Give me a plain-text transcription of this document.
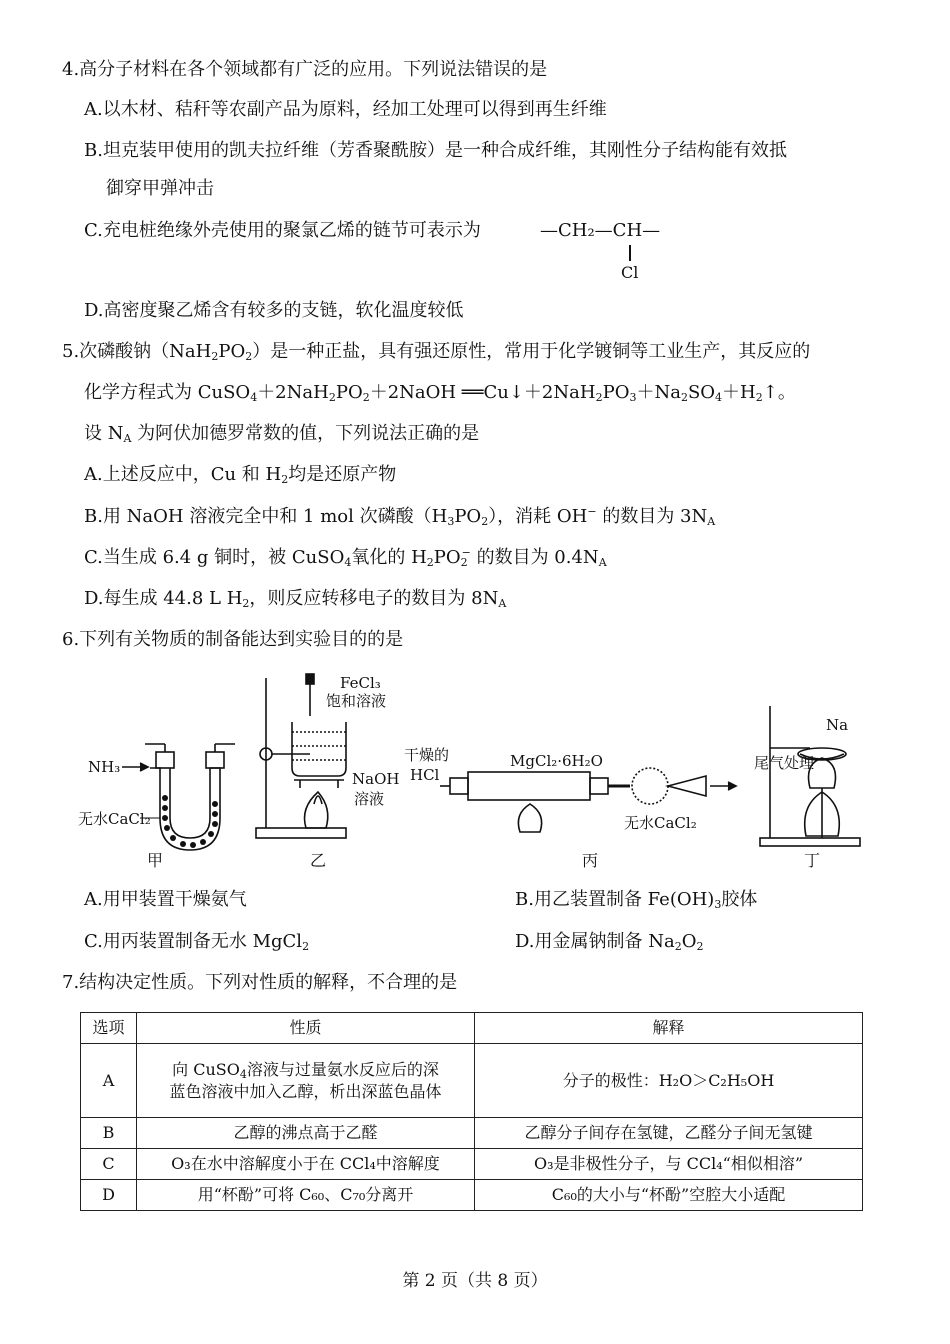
4.高分子材料在各个领域都有广泛的应用。下列说法错误的是
A.以木材、秸秆等农副产品为原料，经加工处理可以得到再生纤维
B.坦克装甲使用的凯夫拉纤维（芳香聚酰胺）是一种合成纤维，其刚性分子结构能有效抵
御穿甲弹冲击
C.充电桩绝缘外壳使用的聚氯乙烯的链节可表示为	—CH₂—CH—
Cl
D.高密度聚乙烯含有较多的支链，软化温度较低
5.次磷酸钠$(NaH_2PO_2)$是一种正盐，具有强还原性，常用于化学镀铜等工业生产，其反应的
化学方程式为 $CuSO_4+2NaH_2PO_2+2NaOH$ $══Cu↓+2NaH_2PO_3+Na_2SO_4+H_2↑$。
设 $N_A$ 为阿伏加德罗常数的值，下列说法正确的是
A.上述反应中，Cu 和 $H_2$均是还原产物
B.用 NaOH 溶液完全中和 1 mol 次磷酸$(H_3PO_2)$，消耗 OH− 的数目为 $3N_A$
C.当生成 6.4 g 铜时，被 CuSO$_4$氧化的 $H_2PO_2^-$ 的数目为 $0.4N_A$
D.每生成 44.8 L $H_2$，则反应转移电子的数目为 $8N_A$
6.下列有关物质的制备能达到实验目的的是
NH₃
无水CaCl₂
甲
FeCl₃
饱和溶液
NaOH
溶液
乙
干燥的
HCl
MgCl₂·6H₂O
无水CaCl₂
丙
尾气处理
Na
丁
A.用甲装置干燥氨气	B.用乙装置制备 $Fe(OH)_3$胶体
C.用丙装置制备无水 MgCl$_2$	D.用金属钠制备 $Na_2O_2$
7.结构决定性质。下列对性质的解释，不合理的是
选项	性质	解释
A	向 CuSO$_4$溶液与过量氨水反应后的深
蓝色溶液中加入乙醇，析出深蓝色晶体	分子的极性：H₂O＞C₂H₅OH
B	乙醇的沸点高于乙醛	乙醇分子间存在氢键，乙醛分子间无氢键
C	O₃在水中溶解度小于在 CCl₄中溶解度	O₃是非极性分子，与 CCl₄“相似相溶”
D	用“杯酚”可将 C₆₀、C₇₀分离开	C₆₀的大小与“杯酚”空腔大小适配
第 2 页（共 8 页）
